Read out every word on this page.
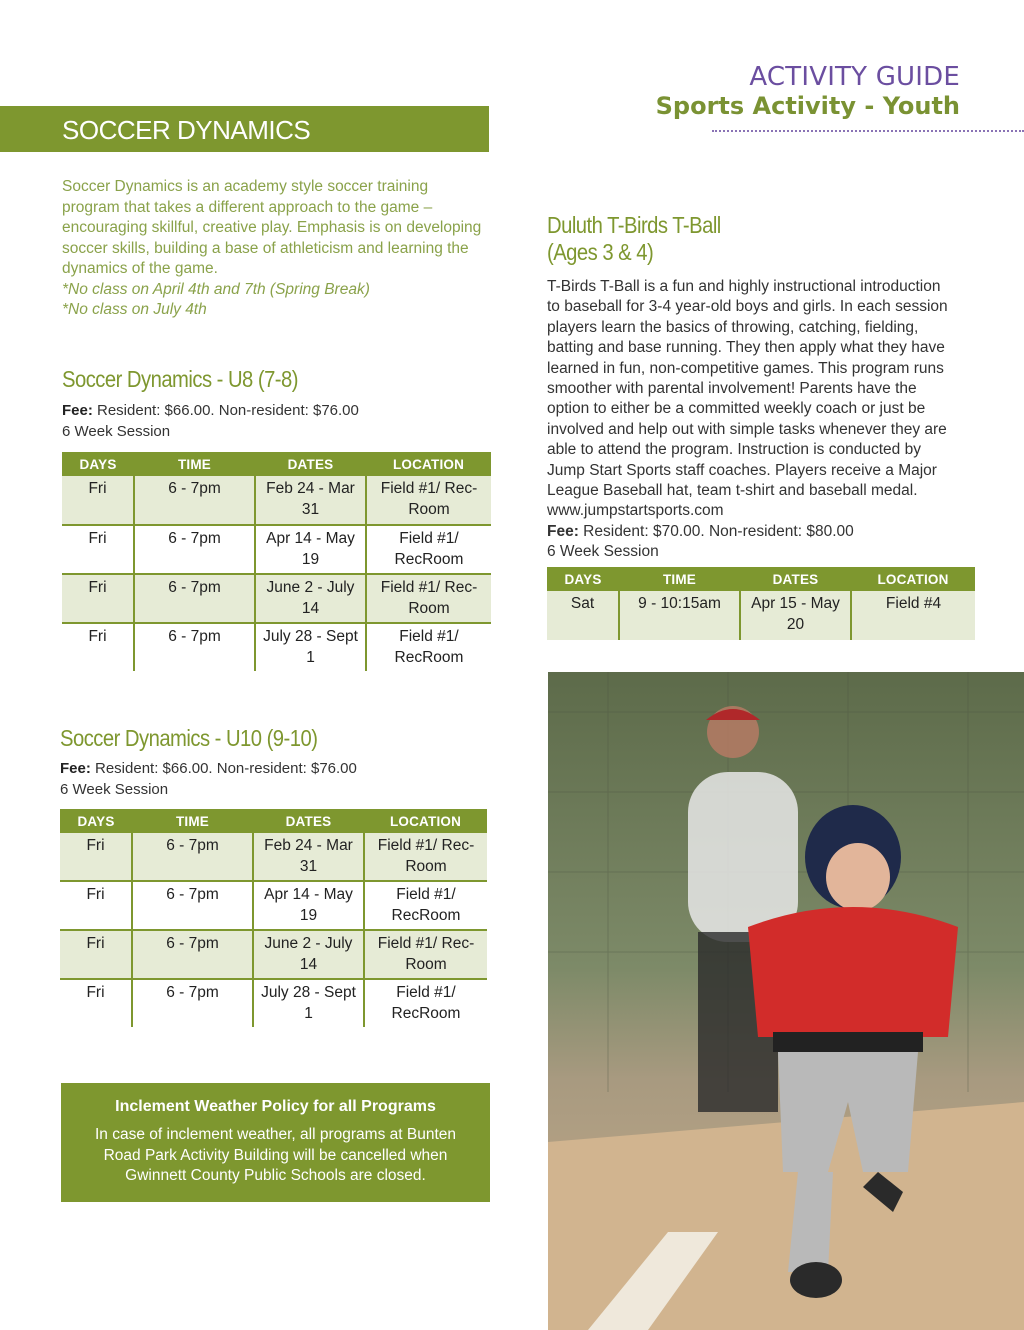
ACTIVITY GUIDE
Sports Activity - Youth
SOCCER DYNAMICS
Soccer Dynamics is an academy style soccer training program that takes a different approach to the game – encouraging skillful, creative play. Emphasis is on developing soccer skills, building a base of athleticism and learning the dynamics of the game.
*No class on April 4th and 7th (Spring Break)
*No class on July 4th
Soccer Dynamics - U8 (7-8)
Fee: Resident: $66.00. Non-resident: $76.00
6 Week Session
DAYS	TIME	DATES	LOCATION
Fri	6 - 7pm	Feb 24 - Mar 31	Field #1/ Rec-Room
Fri	6 - 7pm	Apr 14 - May 19	Field #1/ RecRoom
Fri	6 - 7pm	June 2 - July 14	Field #1/ Rec-Room
Fri	6 - 7pm	July 28 - Sept 1	Field #1/ RecRoom
Soccer Dynamics - U10 (9-10)
Fee: Resident: $66.00. Non-resident: $76.00
6 Week Session
DAYS	TIME	DATES	LOCATION
Fri	6 - 7pm	Feb 24 - Mar 31	Field #1/ Rec-Room
Fri	6 - 7pm	Apr 14 - May 19	Field #1/ RecRoom
Fri	6 - 7pm	June 2 - July 14	Field #1/ Rec-Room
Fri	6 - 7pm	July 28 - Sept 1	Field #1/ RecRoom
Inclement Weather Policy for all Programs
In case of inclement weather, all programs at Bunten Road Park Activity Building will be cancelled when Gwinnett County Public Schools are closed.
Duluth T-Birds T-Ball
(Ages 3 & 4)
T-Birds T-Ball is a fun and highly instructional introduction to baseball for 3-4 year-old boys and girls. In each session players learn the basics of throwing, catching, fielding, batting and base running. They then apply what they have learned in fun, non-competitive games. This program runs smoother with parental involvement! Parents have the option to either be a committed weekly coach or just be involved and help out with simple tasks whenever they are able to attend the program. Instruction is conducted by Jump Start Sports staff coaches. Players receive a Major League Baseball hat, team t-shirt and baseball medal.
www.jumpstartsports.com
Fee: Resident: $70.00. Non-resident: $80.00
6 Week Session
DAYS	TIME	DATES	LOCATION
Sat	9 - 10:15am	Apr 15 - May 20	Field #4
